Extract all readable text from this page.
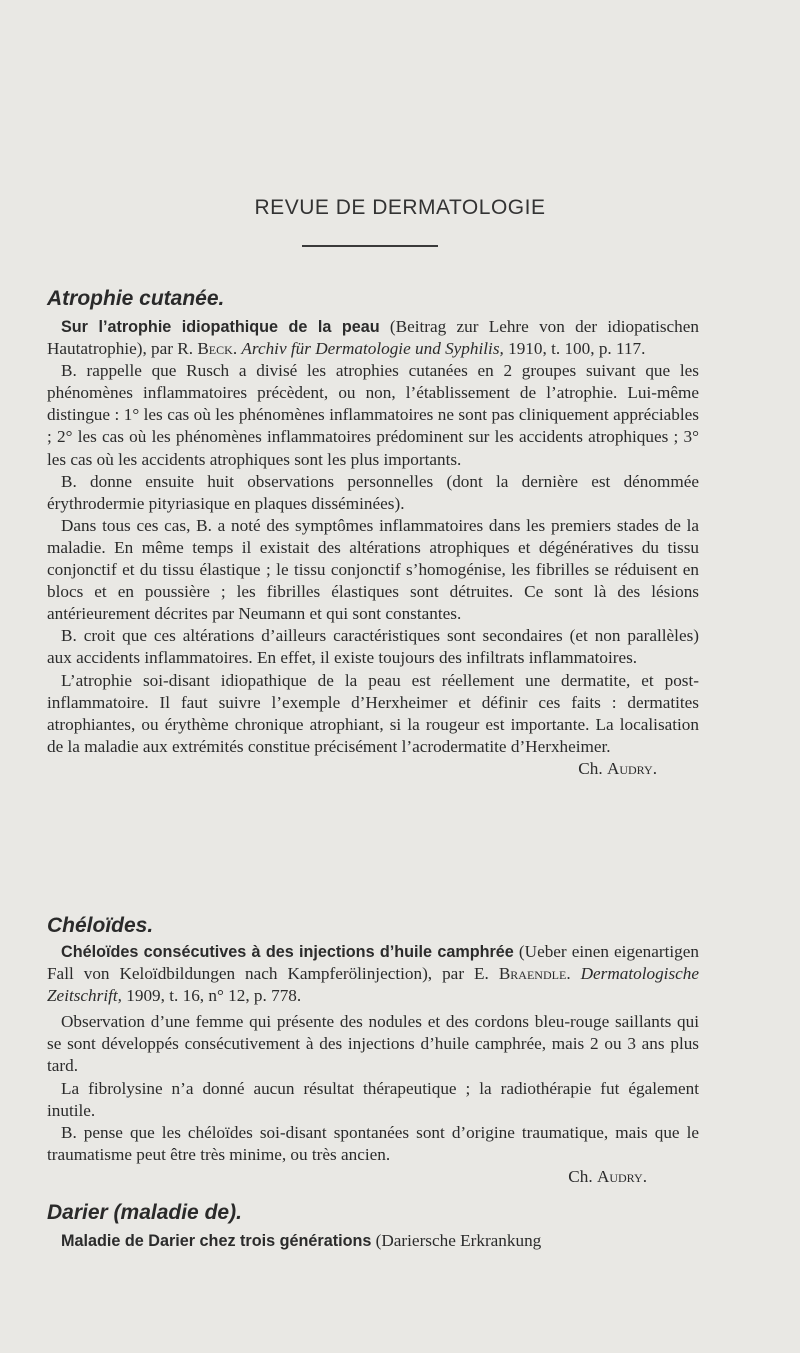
REVUE DE DERMATOLOGIE
Atrophie cutanée.

Sur l’atrophie idiopathique de la peau (Beitrag zur Lehre von der idiopatischen Hautatrophie), par R. Beck. Archiv für Dermatologie und Syphilis, 1910, t. 100, p. 117.

B. rappelle que Rusch a divisé les atrophies cutanées en 2 groupes suivant que les phénomènes inflammatoires précèdent, ou non, l’établissement de l’atrophie. Lui-même distingue : 1° les cas où les phénomènes inflammatoires ne sont pas cliniquement appréciables ; 2° les cas où les phénomènes inflammatoires prédominent sur les accidents atrophiques ; 3° les cas où les accidents atrophiques sont les plus importants.

B. donne ensuite huit observations personnelles (dont la dernière est dénommée érythrodermie pityriasique en plaques disséminées).

Dans tous ces cas, B. a noté des symptômes inflammatoires dans les premiers stades de la maladie. En même temps il existait des altérations atrophiques et dégénératives du tissu conjonctif et du tissu élastique ; le tissu conjonctif s’homogénise, les fibrilles se réduisent en blocs et en poussière ; les fibrilles élastiques sont détruites. Ce sont là des lésions antérieurement décrites par Neumann et qui sont constantes.

B. croit que ces altérations d’ailleurs caractéristiques sont secondaires (et non parallèles) aux accidents inflammatoires. En effet, il existe toujours des infiltrats inflammatoires.

L’atrophie soi-disant idiopathique de la peau est réellement une dermatite, et post-inflammatoire. Il faut suivre l’exemple d’Herxheimer et définir ces faits : dermatites atrophiantes, ou érythème chronique atrophiant, si la rougeur est importante. La localisation de la maladie aux extrémités constitue précisément l’acrodermatite d’Herxheimer.

Ch. Audry.

Chéloïdes.

Chéloïdes consécutives à des injections d’huile camphrée (Ueber einen eigenartigen Fall von Keloïdbildungen nach Kampferölinjection), par E. Braendle. Dermatologische Zeitschrift, 1909, t. 16, n° 12, p. 778.

Observation d’une femme qui présente des nodules et des cordons bleu-rouge saillants qui se sont développés consécutivement à des injections d’huile camphrée, mais 2 ou 3 ans plus tard.

La fibrolysine n’a donné aucun résultat thérapeutique ; la radiothérapie fut également inutile.

B. pense que les chéloïdes soi-disant spontanées sont d’origine traumatique, mais que le traumatisme peut être très minime, ou très ancien.

Ch. Audry.

Darier (maladie de).

Maladie de Darier chez trois générations (Dariersche Erkrankung
